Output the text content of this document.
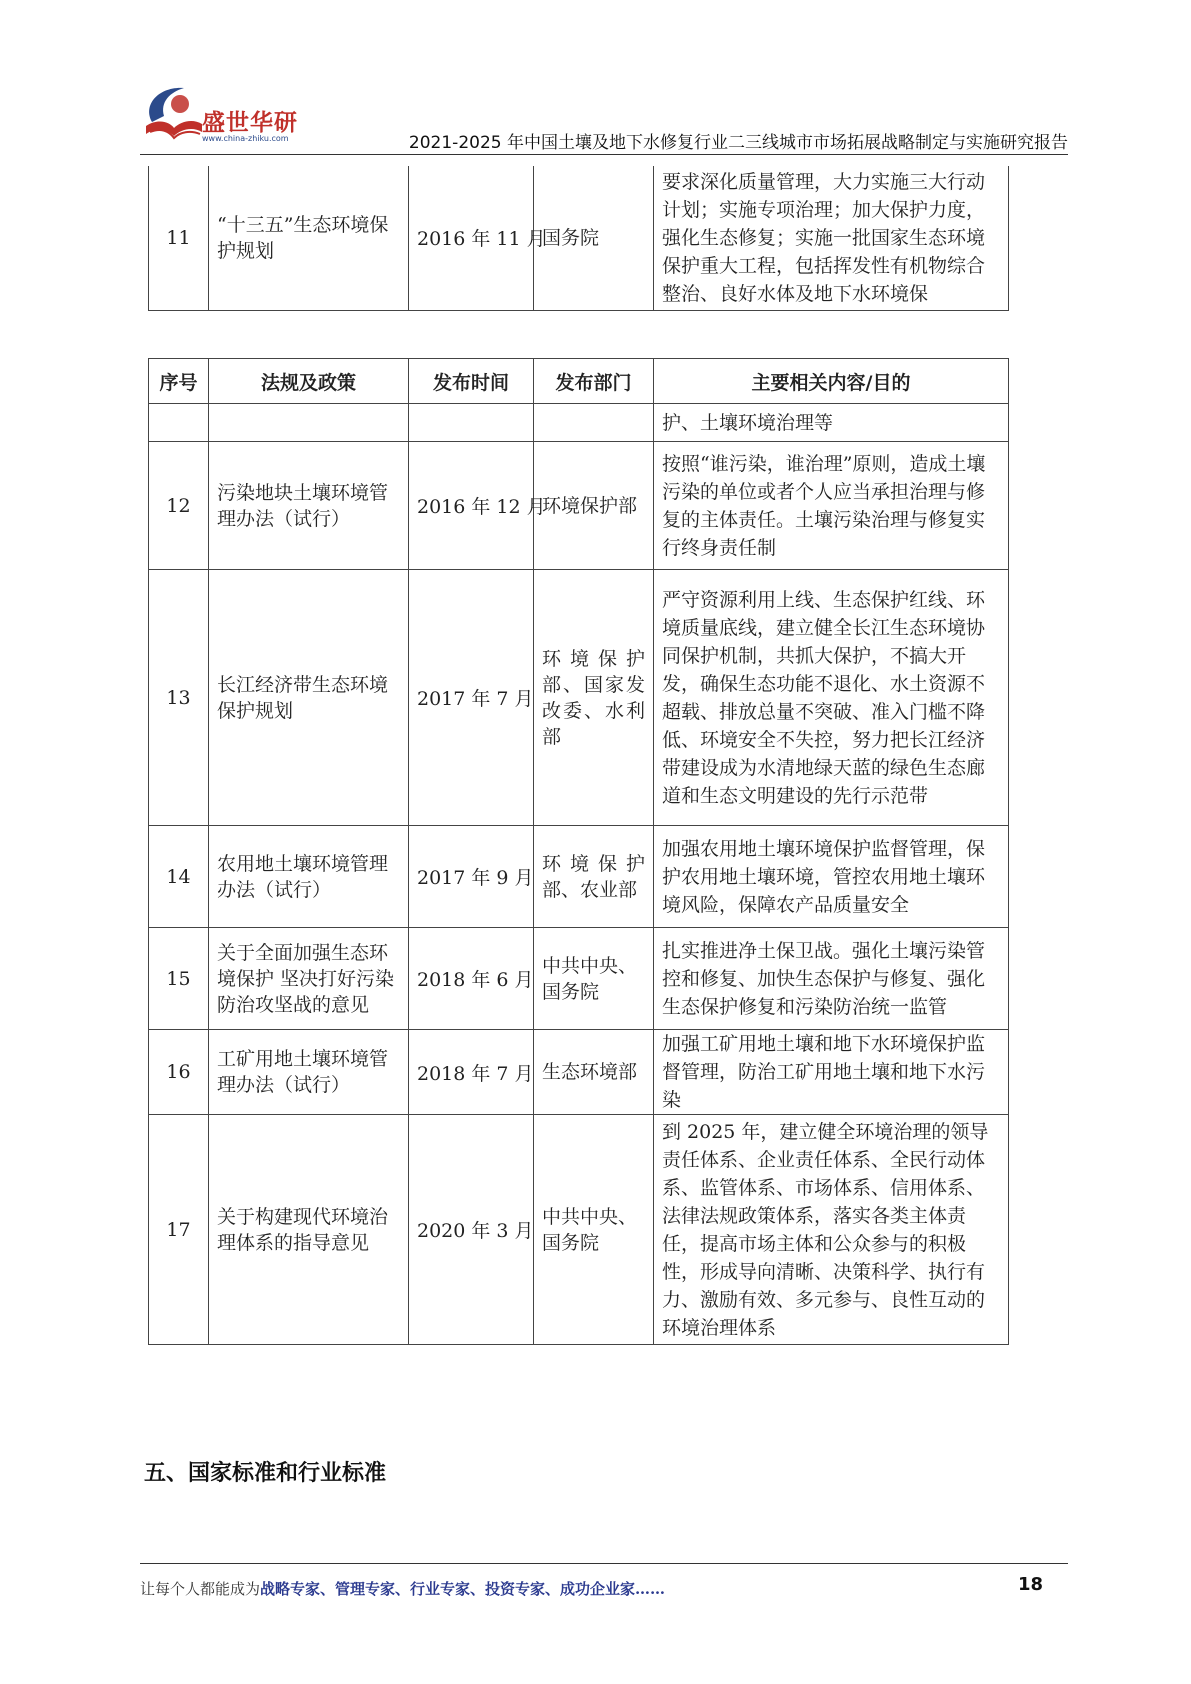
盛世华研
www.china-zhiku.com	2021-2025 年中国土壤及地下水修复行业二三线城市市场拓展战略制定与实施研究报告
11	“十三五”生态环境保护规划	2016 年 11 月	国务院	要求深化质量管理，大力实施三大行动计划；实施专项治理；加大保护力度，强化生态修复；实施一批国家生态环境保护重大工程，包括挥发性有机物综合整治、良好水体及地下水环境保
序号	法规及政策	发布时间	发布部门	主要相关内容/目的
				护、土壤环境治理等
12	污染地块土壤环境管理办法（试行）	2016 年 12 月	环境保护部	按照“谁污染，谁治理”原则，造成土壤污染的单位或者个人应当承担治理与修复的主体责任。土壤污染治理与修复实行终身责任制
13	长江经济带生态环境保护规划	2017 年 7 月	环境保护部、国家发改委、水利部	严守资源利用上线、生态保护红线、环境质量底线，建立健全长江生态环境协同保护机制，共抓大保护，不搞大开发，确保生态功能不退化、水土资源不超载、排放总量不突破、准入门槛不降低、环境安全不失控，努力把长江经济带建设成为水清地绿天蓝的绿色生态廊道和生态文明建设的先行示范带
14	农用地土壤环境管理办法（试行）	2017 年 9 月	环境保护部、农业部	加强农用地土壤环境保护监督管理，保护农用地土壤环境，管控农用地土壤环境风险，保障农产品质量安全
15	关于全面加强生态环境保护 坚决打好污染防治攻坚战的意见	2018 年 6 月	中共中央、国务院	扎实推进净土保卫战。强化土壤污染管控和修复、加快生态保护与修复、强化生态保护修复和污染防治统一监管
16	工矿用地土壤环境管理办法（试行）	2018 年 7 月	生态环境部	加强工矿用地土壤和地下水环境保护监督管理，防治工矿用地土壤和地下水污染
17	关于构建现代环境治理体系的指导意见	2020 年 3 月	中共中央、国务院	到 2025 年，建立健全环境治理的领导责任体系、企业责任体系、全民行动体系、监管体系、市场体系、信用体系、法律法规政策体系，落实各类主体责任，提高市场主体和公众参与的积极性，形成导向清晰、决策科学、执行有力、激励有效、多元参与、良性互动的环境治理体系
五、国家标准和行业标准
让每个人都能成为战略专家、管理专家、行业专家、投资专家、成功企业家……	18
